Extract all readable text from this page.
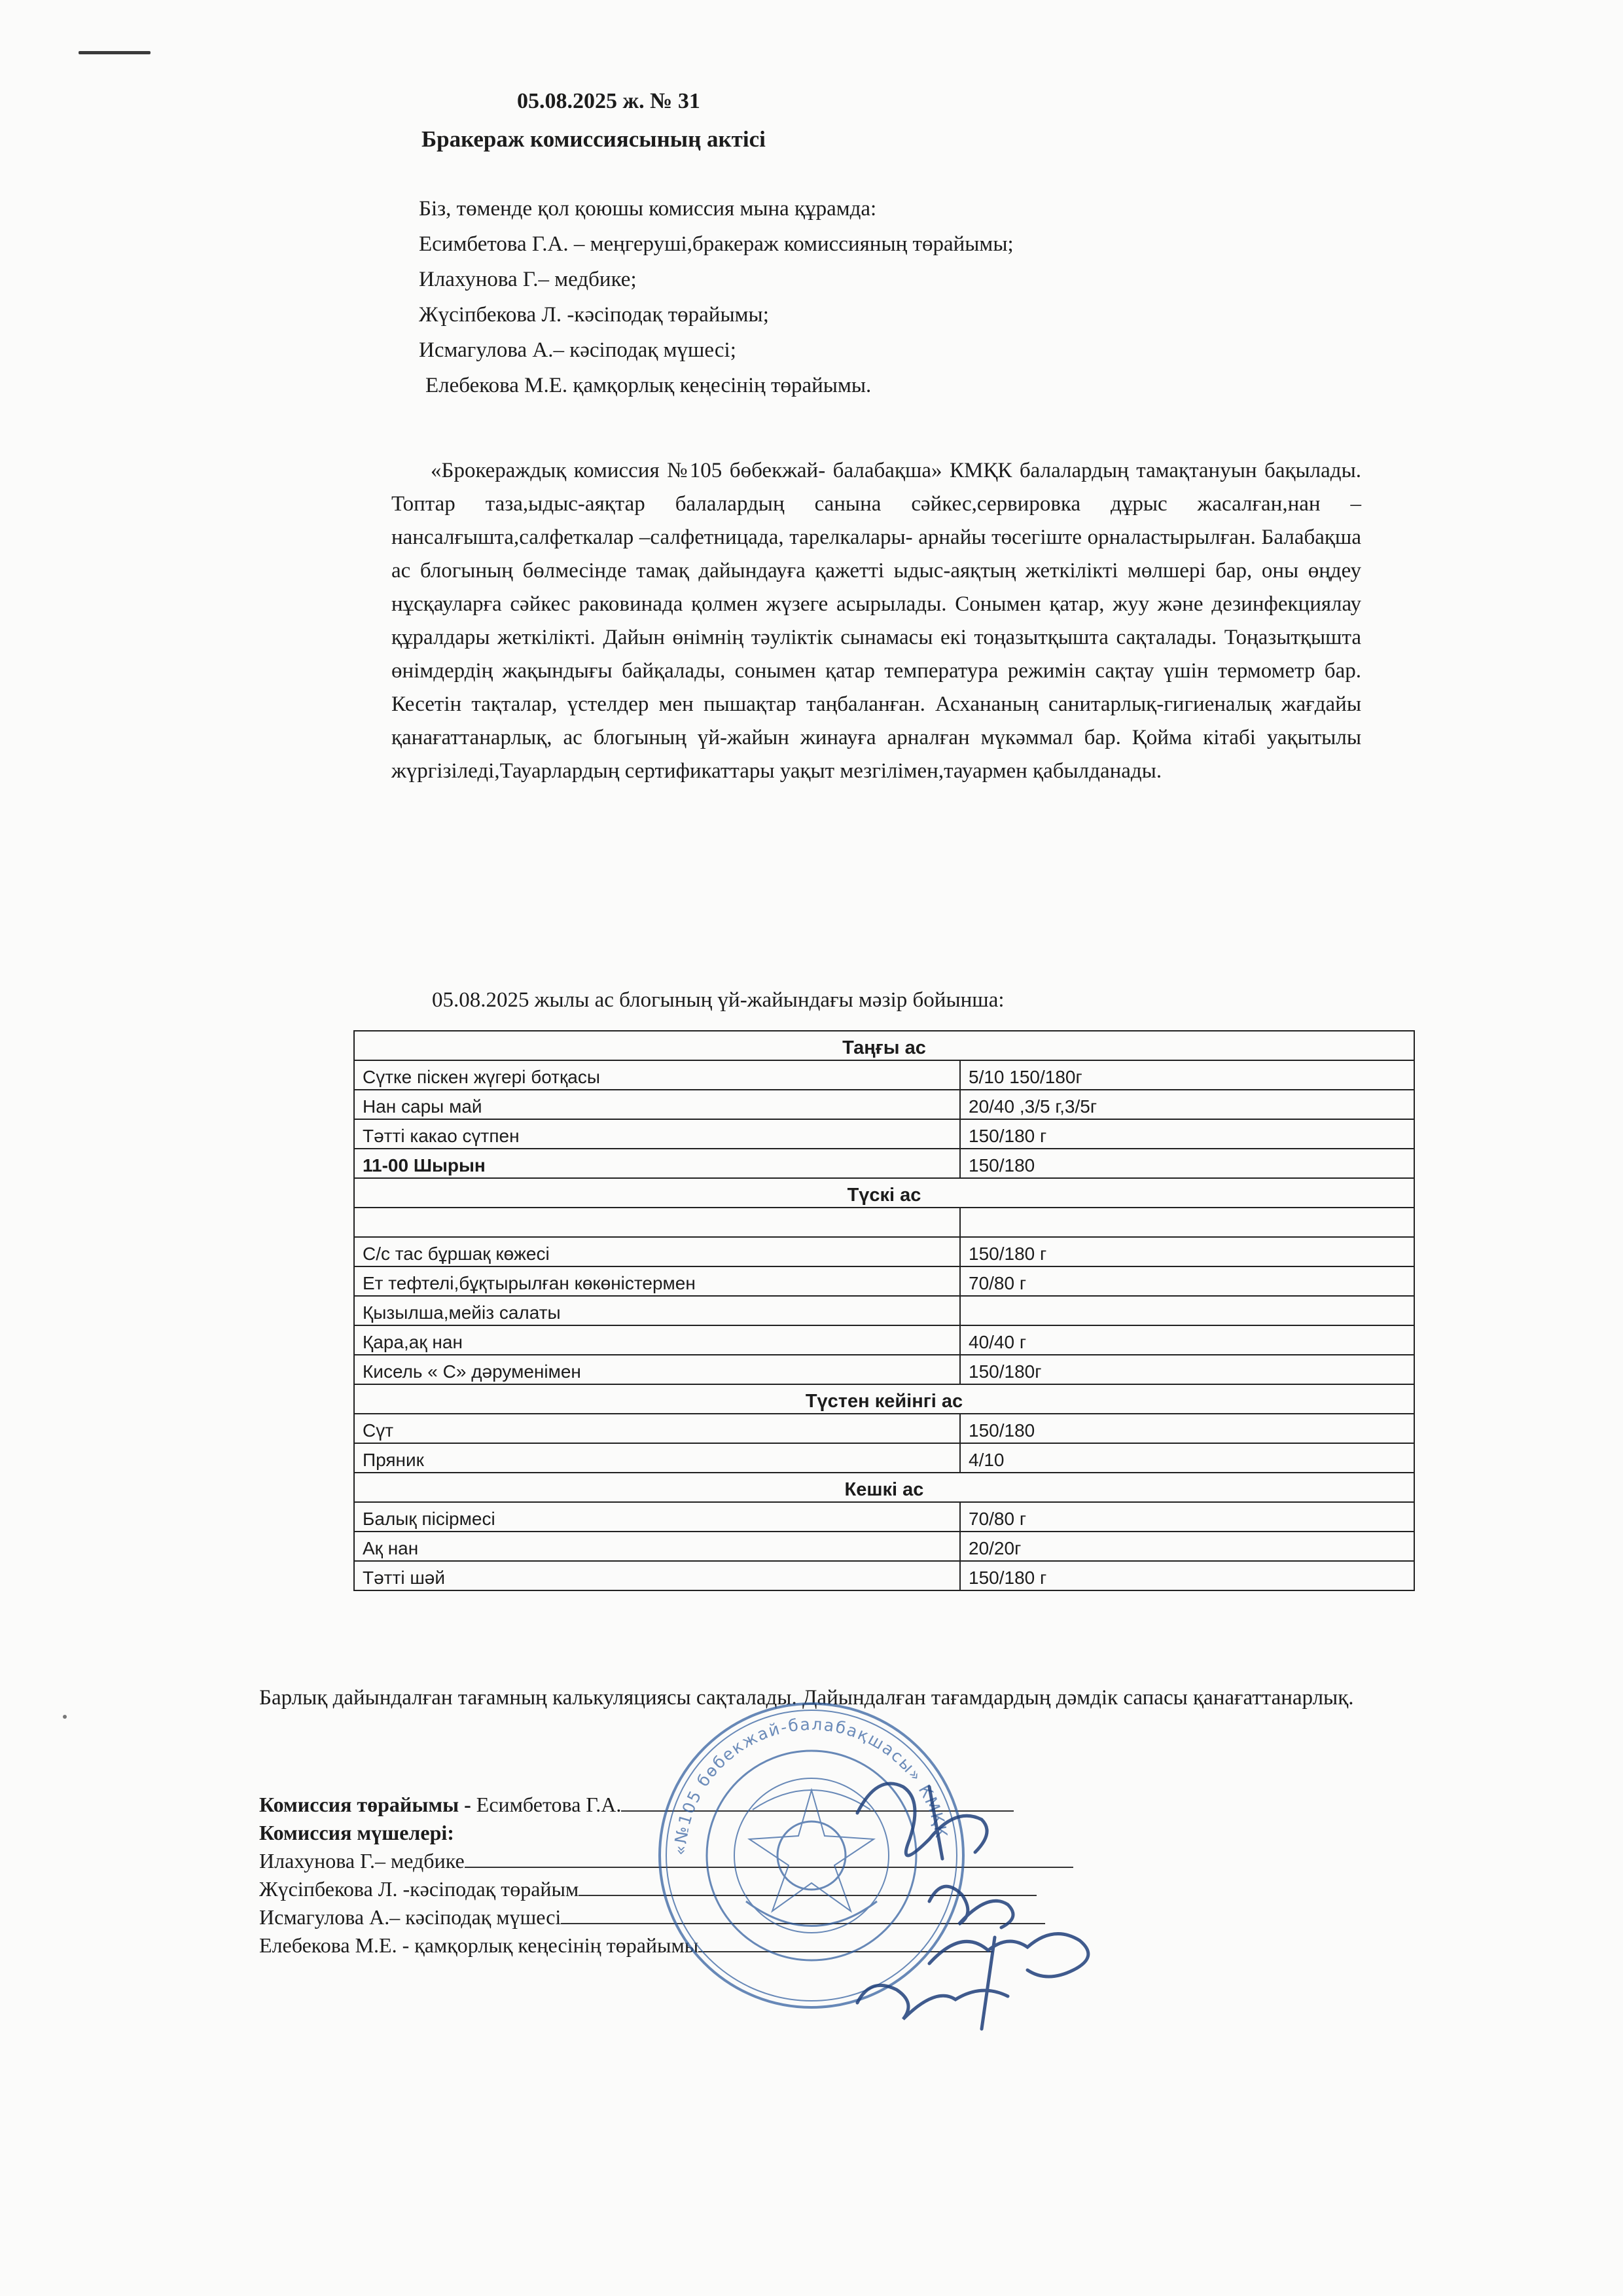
05.08.2025 ж. № 31
Бракераж комиссиясының актісі
Біз, төменде қол қоюшы комиссия мына құрамда:
Есимбетова Г.А. – меңгеруші,бракераж комиссияның төрайымы;
Илахунова Г.– медбике;
Жүсіпбекова Л. -кәсіподақ төрайымы;
Исмагулова А.– кәсіподақ мүшесі;
Елебекова М.Е. қамқорлық кеңесінің төрайымы.
«Брокераждық комиссия №105 бөбекжай- балабақша» КМҚК балалардың тамақтануын бақылады. Топтар таза,ыдыс-аяқтар балалардың санына сәйкес,сервировка дұрыс жасалған,нан –нансалғышта,салфеткалар –салфетницада, тарелкалары- арнайы төсегіште орналастырылған. Балабақша ас блогының бөлмесінде тамақ дайындауға қажетті ыдыс-аяқтың жеткілікті мөлшері бар, оны өңдеу нұсқауларға сәйкес раковинада қолмен жүзеге асырылады. Сонымен қатар, жуу және дезинфекциялау құралдары жеткілікті. Дайын өнімнің тәуліктік сынамасы екі тоңазытқышта сақталады. Тоңазытқышта өнімдердің жақындығы байқалады, сонымен қатар температура режимін сақтау үшін термометр бар. Кесетін тақталар, үстелдер мен пышақтар таңбаланған. Асхананың санитарлық-гигиеналық жағдайы қанағаттанарлық, ас блогының үй-жайын жинауға арналған мүкәммал бар. Қойма кітабі уақытылы жүргізіледі,Тауарлардың сертификаттары уақыт мезгілімен,тауармен қабылданады.
05.08.2025 жылы ас блогының үй-жайындағы мәзір бойынша:
Таңғы ас	
Сүтке піскен жүгері ботқасы	5/10 150/180г
Нан сары май	20/40 ,3/5 г,3/5г
Тәтті какао сүтпен	150/180 г
11-00 Шырын	150/180
Түскі ас	

С/с тас бұршақ көжесі	150/180 г
Ет тефтелі,бұқтырылған көкөністермен	70/80 г
Қызылша,мейіз салаты	
Қара,ақ нан	40/40 г
Кисель « С» дәруменімен	150/180г
Түстен кейінгі ас	
Сүт	150/180
Пряник	4/10
Кешкі ас	
Балық пісірмесі	70/80 г
Ақ нан	20/20г
Тәтті шәй	150/180 г
Барлық дайындалған тағамның калькуляциясы сақталады. Дайындалған тағамдардың дәмдік сапасы қанағаттанарлық.
Комиссия төрайымы - Есимбетова Г.А.
Комиссия мүшелері:
Илахунова Г.– медбике
Жүсіпбекова Л. -кәсіподақ төрайым
Исмагулова А.– кәсіподақ мүшесі
Елебекова М.Е. - қамқорлық кеңесінің төрайымы
«№105 бөбекжай-балабақшасы» КМҚК
